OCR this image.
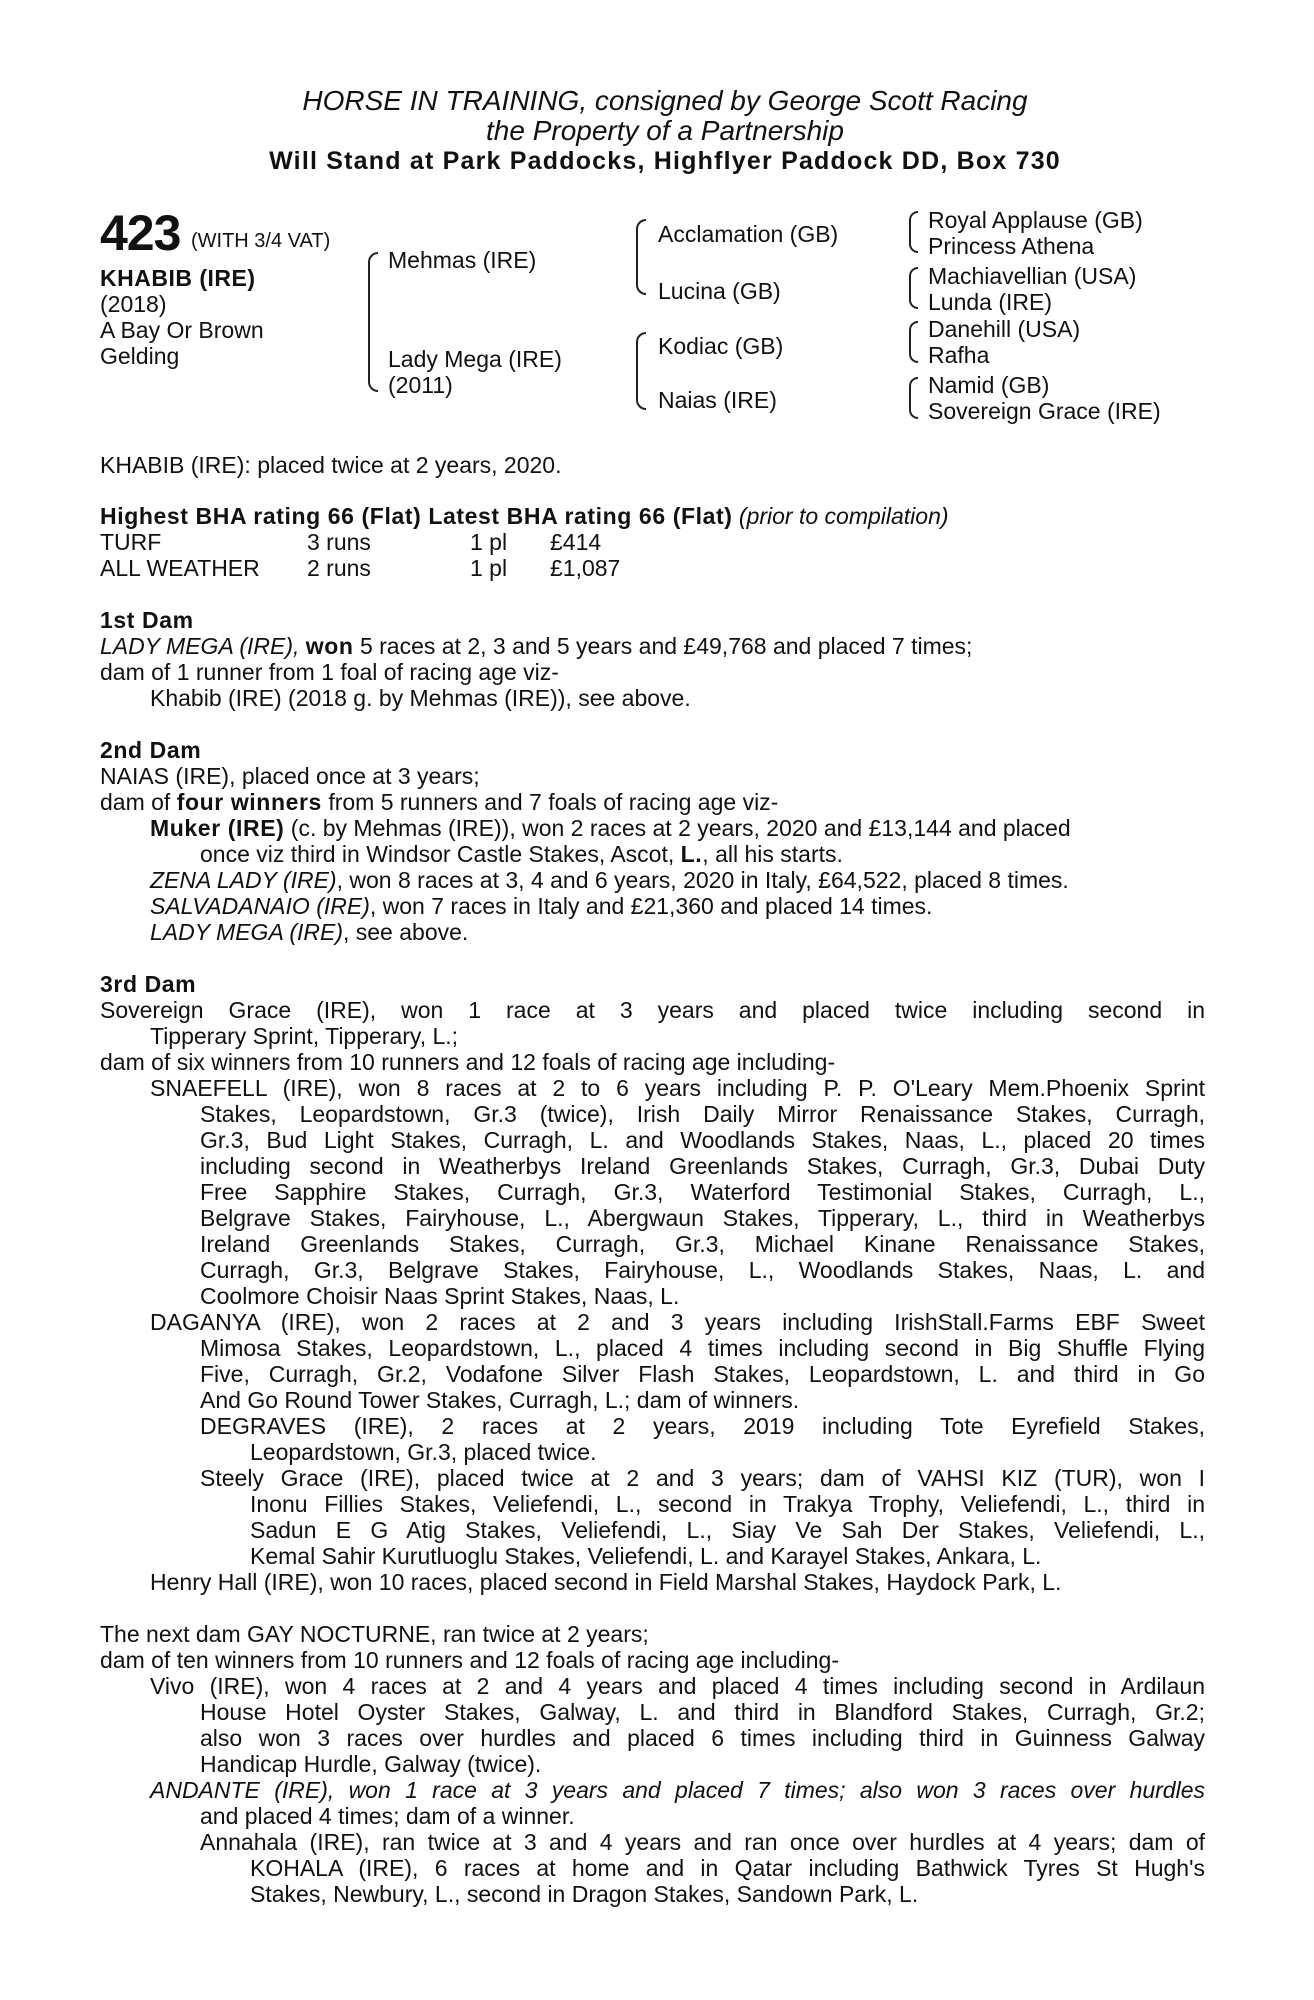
HORSE IN TRAINING, consigned by George Scott Racing
the Property of a Partnership
Will Stand at Park Paddocks, Highflyer Paddock DD, Box 730
423 (WITH 3/4 VAT)
KHABIB (IRE)
(2018)
A Bay Or Brown
Gelding
Mehmas (IRE)
Lady Mega (IRE)
(2011)
Acclamation (GB)
Lucina (GB)
Kodiac (GB)
Naias (IRE)
Royal Applause (GB)
Princess Athena
Machiavellian (USA)
Lunda (IRE)
Danehill (USA)
Rafha
Namid (GB)
Sovereign Grace (IRE)
KHABIB (IRE): placed twice at 2 years, 2020.
Highest BHA rating 66 (Flat) Latest BHA rating 66 (Flat) (prior to compilation)
TURF	3 runs	1 pl £414
ALL WEATHER 2 runs	1 pl £1,087
1st Dam
LADY MEGA (IRE), won 5 races at 2, 3 and 5 years and £49,768 and placed 7 times;
dam of 1 runner from 1 foal of racing age viz-
Khabib (IRE) (2018 g. by Mehmas (IRE)), see above.
2nd Dam
NAIAS (IRE), placed once at 3 years;
dam of four winners from 5 runners and 7 foals of racing age viz-
Muker (IRE) (c. by Mehmas (IRE)), won 2 races at 2 years, 2020 and £13,144 and placed
once viz third in Windsor Castle Stakes, Ascot, L., all his starts.
ZENA LADY (IRE), won 8 races at 3, 4 and 6 years, 2020 in Italy, £64,522, placed 8 times.
SALVADANAIO (IRE), won 7 races in Italy and £21,360 and placed 14 times.
LADY MEGA (IRE), see above.
3rd Dam
Sovereign Grace (IRE), won 1 race at 3 years and placed twice including second in
Tipperary Sprint, Tipperary, L.;
dam of six winners from 10 runners and 12 foals of racing age including-
SNAEFELL (IRE), won 8 races at 2 to 6 years including P. P. O'Leary Mem.Phoenix Sprint
Stakes, Leopardstown, Gr.3 (twice), Irish Daily Mirror Renaissance Stakes, Curragh,
Gr.3, Bud Light Stakes, Curragh, L. and Woodlands Stakes, Naas, L., placed 20 times
including second in Weatherbys Ireland Greenlands Stakes, Curragh, Gr.3, Dubai Duty
Free Sapphire Stakes, Curragh, Gr.3, Waterford Testimonial Stakes, Curragh, L.,
Belgrave Stakes, Fairyhouse, L., Abergwaun Stakes, Tipperary, L., third in Weatherbys
Ireland Greenlands Stakes, Curragh, Gr.3, Michael Kinane Renaissance Stakes,
Curragh, Gr.3, Belgrave Stakes, Fairyhouse, L., Woodlands Stakes, Naas, L. and
Coolmore Choisir Naas Sprint Stakes, Naas, L.
DAGANYA (IRE), won 2 races at 2 and 3 years including IrishStall.Farms EBF Sweet
Mimosa Stakes, Leopardstown, L., placed 4 times including second in Big Shuffle Flying
Five, Curragh, Gr.2, Vodafone Silver Flash Stakes, Leopardstown, L. and third in Go
And Go Round Tower Stakes, Curragh, L.; dam of winners.
DEGRAVES (IRE), 2 races at 2 years, 2019 including Tote Eyrefield Stakes,
Leopardstown, Gr.3, placed twice.
Steely Grace (IRE), placed twice at 2 and 3 years; dam of VAHSI KIZ (TUR), won I
Inonu Fillies Stakes, Veliefendi, L., second in Trakya Trophy, Veliefendi, L., third in
Sadun E G Atig Stakes, Veliefendi, L., Siay Ve Sah Der Stakes, Veliefendi, L.,
Kemal Sahir Kurutluoglu Stakes, Veliefendi, L. and Karayel Stakes, Ankara, L.
Henry Hall (IRE), won 10 races, placed second in Field Marshal Stakes, Haydock Park, L.
The next dam GAY NOCTURNE, ran twice at 2 years;
dam of ten winners from 10 runners and 12 foals of racing age including-
Vivo (IRE), won 4 races at 2 and 4 years and placed 4 times including second in Ardilaun
House Hotel Oyster Stakes, Galway, L. and third in Blandford Stakes, Curragh, Gr.2;
also won 3 races over hurdles and placed 6 times including third in Guinness Galway
Handicap Hurdle, Galway (twice).
ANDANTE (IRE), won 1 race at 3 years and placed 7 times; also won 3 races over hurdles
and placed 4 times; dam of a winner.
Annahala (IRE), ran twice at 3 and 4 years and ran once over hurdles at 4 years; dam of
KOHALA (IRE), 6 races at home and in Qatar including Bathwick Tyres St Hugh's
Stakes, Newbury, L., second in Dragon Stakes, Sandown Park, L.
